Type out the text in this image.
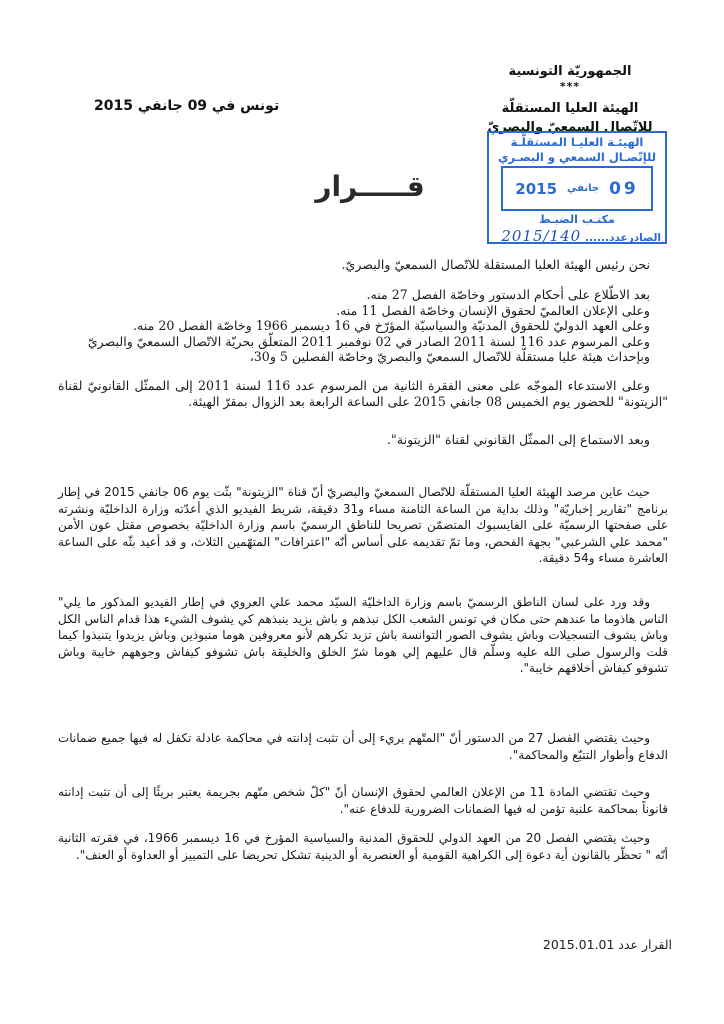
الجمهوريّة التونسية
***
الهيئة العليا المستقلّة
للاتّصال السمعيّ والبصريّ
تونس في 09 جانفي 2015
الهيئـة العليـا المستقلّـة
للإتّصـال السمعي و البصـري
09
جانفي
2015
مكتـب الضبـط
الصادرعدد......
2015/140
قـــــرار

نحن رئيس الهيئة العليا المستقلة للاتّصال السمعيّ والبصريّ.

بعد الاطّلاع على أحكام الدستور وخاصّة الفصل 27 منه.

وعلى الإعلان العالميّ لحقوق الإنسان وخاصّة الفصل 11 منه.

وعلى العهد الدوليّ للحقوق المدنيّة والسياسيّة المؤرّخ في 16 ديسمبر 1966 وخاصّة الفصل 20 منه.

وعلى المرسوم عدد 116 لسنة 2011 الصادر في 02 نوفمبر 2011 المتعلّق بحريّة الاتّصال السمعيّ والبصريّ

وبإحداث هيئة عليا مستقلّة للاتّصال السمعيّ والبصريّ وخاصّة الفصلين 5 و30،

وعلى الاستدعاء الموجّه على معنى الفقرة الثانية من المرسوم عدد 116 لسنة 2011 إلى الممثّل القانونيّ لقناة "الزيتونة" للحضور يوم الخميس 08 جانفي 2015 على الساعة الرابعة بعد الزوال بمقرّ الهيئة.

وبعد الاستماع إلى الممثّل القانوني لقناة "الزيتونة".

حيث عاين مرصد الهيئة العليا المستقلّة للاتّصال السمعيّ والبصريّ أنّ قناة "الزيتونة" بثّت يوم 06 جانفي 2015 في إطار برنامج "تقارير إخباريّة" وذلك بداية من الساعة الثامنة مساء و31 دقيقة، شريط الفيديو الذي أعدّته وزارة الداخليّة ونشرته على صفحتها الرسميّة على الفايسبوك المتضمّن تصريحا للناطق الرسميّ باسم وزارة الداخليّة بخصوص مقتل عون الأمن "محمد علي الشرعبي" بجهة الفحص، وما تمّ تقديمه على أساس أنّه "اعترافات" المتهّمين الثلاث، و قد أعيد بثّه على الساعة العاشرة مساء و54 دقيقة.

وقد ورد على لسان الناطق الرسميّ باسم وزارة الداخليّة السيّد محمد علي العروي في إطار الفيديو المذكور ما يلي" الناس هاذوما ما عندهم حتى مكان في تونس الشعب الكل نبذهم و باش يزيد ينبذهم كي يشوف الشيء هذا قدام الناس الكل وباش يشوف التسجيلات وباش يشوف الصور التوانسة باش تزيد تكرهم لأنو معروفين هوما منبوذين وباش يزيدوا يتنبذوا كيما قلت والرسول صلى الله عليه وسلّم قال عليهم إلي هوما شرّ الخلق والخليقة باش تشوفو كيفاش وجوههم خايبة وباش تشوفو كيفاش أخلاقهم خايبة".

وحيث يقتضي الفصل 27 من الدستور أنّ "المتّهم بريء إلى أن تثبت إدانته في محاكمة عادلة تكفل له فيها جميع ضمانات الدفاع وأطوار التتبّع والمحاكمة".

وحيث تقتضي المادة 11 من الإعلان العالمي لحقوق الإنسان أنّ "كلّ شخص متّهم بجريمة يعتبر بريئًا إلى أن تثبت إدانته قانوناً بمحاكمة علنية تؤمن له فيها الضمانات الضرورية للدفاع عنه".

وحيث يقتضي الفصل 20 من العهد الدولي للحقوق المدنية والسياسية المؤرخ في 16 ديسمبر 1966، في فقرته الثانية أنّه " تحظّر بالقانون أية دعوة إلى الكراهية القومية أو العنصرية أو الدينية تشكل تحريضا على التمييز أو العداوة أو العنف".

القرار عدد 2015.01.01
